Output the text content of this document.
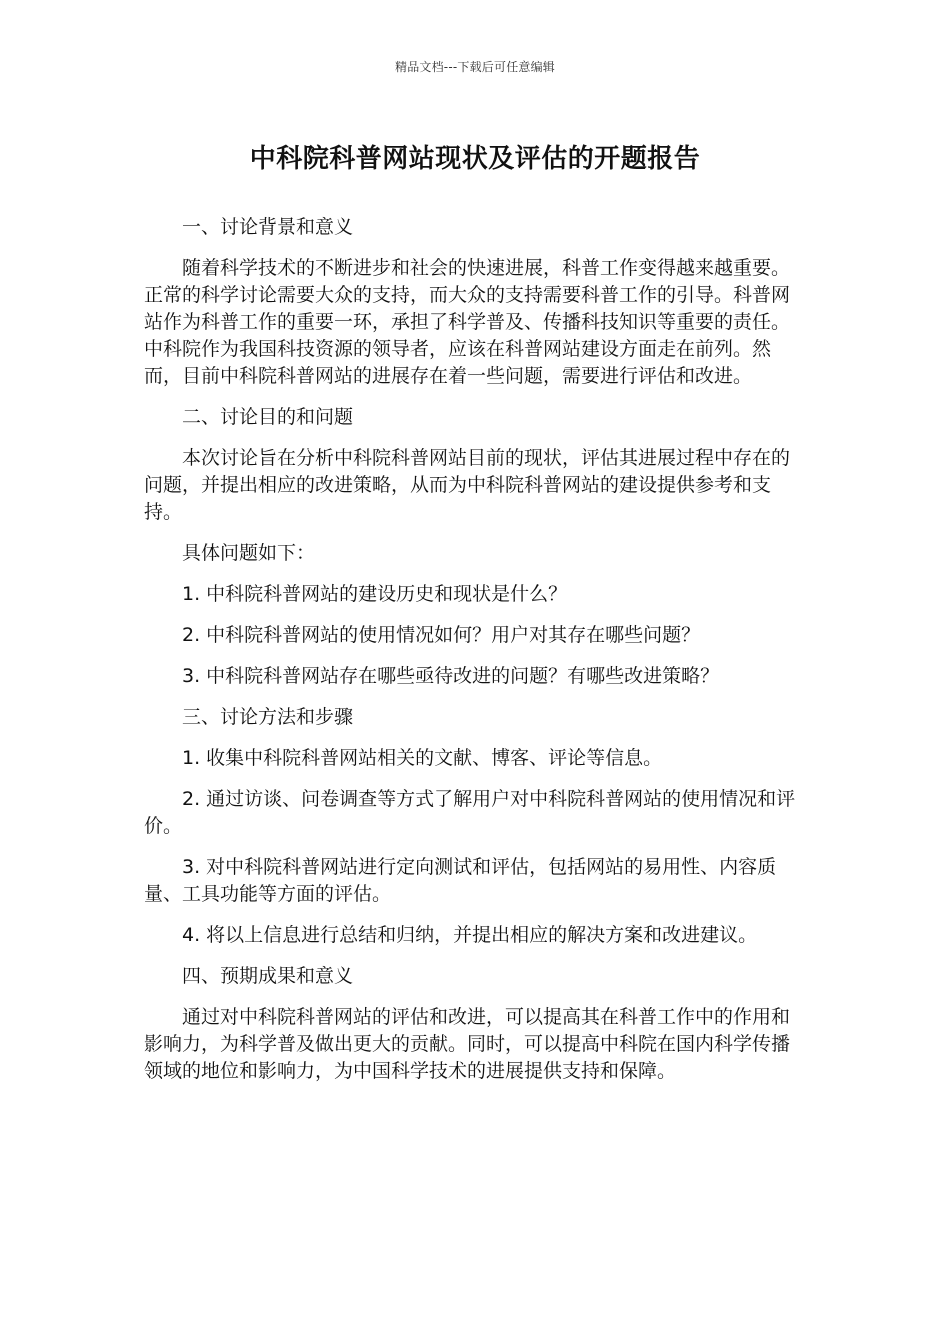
精品文档---下载后可任意编辑
中科院科普网站现状及评估的开题报告

一、讨论背景和意义

随着科学技术的不断进步和社会的快速进展，科普工作变得越来越重要。正常的科学讨论需要大众的支持，而大众的支持需要科普工作的引导。科普网站作为科普工作的重要一环，承担了科学普及、传播科技知识等重要的责任。中科院作为我国科技资源的领导者，应该在科普网站建设方面走在前列。然而，目前中科院科普网站的进展存在着一些问题，需要进行评估和改进。

二、讨论目的和问题

本次讨论旨在分析中科院科普网站目前的现状，评估其进展过程中存在的问题，并提出相应的改进策略，从而为中科院科普网站的建设提供参考和支持。

具体问题如下：

1. 中科院科普网站的建设历史和现状是什么？

2. 中科院科普网站的使用情况如何？用户对其存在哪些问题？

3. 中科院科普网站存在哪些亟待改进的问题？有哪些改进策略？

三、讨论方法和步骤

1. 收集中科院科普网站相关的文献、博客、评论等信息。

2. 通过访谈、问卷调查等方式了解用户对中科院科普网站的使用情况和评价。

3. 对中科院科普网站进行定向测试和评估，包括网站的易用性、内容质量、工具功能等方面的评估。

4. 将以上信息进行总结和归纳，并提出相应的解决方案和改进建议。

四、预期成果和意义

通过对中科院科普网站的评估和改进，可以提高其在科普工作中的作用和影响力，为科学普及做出更大的贡献。同时，可以提高中科院在国内科学传播领域的地位和影响力，为中国科学技术的进展提供支持和保障。
